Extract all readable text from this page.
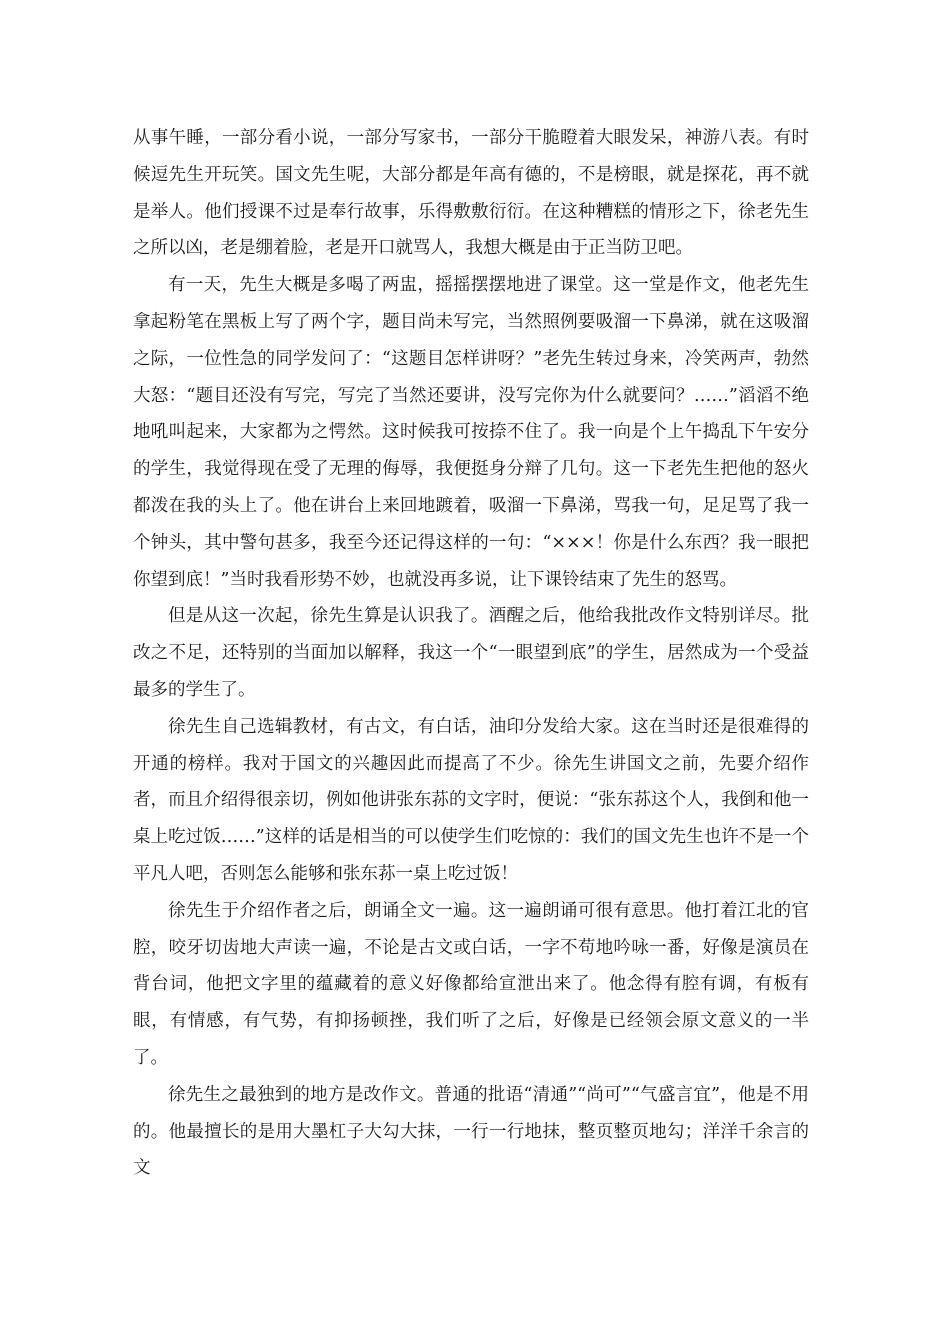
从事午睡，一部分看小说，一部分写家书，一部分干脆瞪着大眼发呆，神游八表。有时候逗先生开玩笑。国文先生呢，大部分都是年高有德的，不是榜眼，就是探花，再不就是举人。他们授课不过是奉行故事，乐得敷敷衍衍。在这种糟糕的情形之下，徐老先生之所以凶，老是绷着脸，老是开口就骂人，我想大概是由于正当防卫吧。

有一天，先生大概是多喝了两盅，摇摇摆摆地进了课堂。这一堂是作文，他老先生拿起粉笔在黑板上写了两个字，题目尚未写完，当然照例要吸溜一下鼻涕，就在这吸溜之际，一位性急的同学发问了：“这题目怎样讲呀？”老先生转过身来，冷笑两声，勃然大怒：“题目还没有写完，写完了当然还要讲，没写完你为什么就要问？……”滔滔不绝地吼叫起来，大家都为之愕然。这时候我可按捺不住了。我一向是个上午捣乱下午安分的学生，我觉得现在受了无理的侮辱，我便挺身分辩了几句。这一下老先生把他的怒火都泼在我的头上了。他在讲台上来回地踱着，吸溜一下鼻涕，骂我一句，足足骂了我一个钟头，其中警句甚多，我至今还记得这样的一句：“×××！你是什么东西？我一眼把你望到底！”当时我看形势不妙，也就没再多说，让下课铃结束了先生的怒骂。

但是从这一次起，徐先生算是认识我了。酒醒之后，他给我批改作文特别详尽。批改之不足，还特别的当面加以解释，我这一个“一眼望到底”的学生，居然成为一个受益最多的学生了。

徐先生自己选辑教材，有古文，有白话，油印分发给大家。这在当时还是很难得的开通的榜样。我对于国文的兴趣因此而提高了不少。徐先生讲国文之前，先要介绍作者，而且介绍得很亲切，例如他讲张东荪的文字时，便说：“张东荪这个人，我倒和他一桌上吃过饭……”这样的话是相当的可以使学生们吃惊的：我们的国文先生也许不是一个平凡人吧，否则怎么能够和张东荪一桌上吃过饭！

徐先生于介绍作者之后，朗诵全文一遍。这一遍朗诵可很有意思。他打着江北的官腔，咬牙切齿地大声读一遍，不论是古文或白话，一字不苟地吟咏一番，好像是演员在背台词，他把文字里的蕴藏着的意义好像都给宣泄出来了。他念得有腔有调，有板有眼，有情感，有气势，有抑扬顿挫，我们听了之后，好像是已经领会原文意义的一半了。

徐先生之最独到的地方是改作文。普通的批语“清通”“尚可”“气盛言宜”，他是不用的。他最擅长的是用大墨杠子大勾大抹，一行一行地抹，整页整页地勾；洋洋千余言的文
